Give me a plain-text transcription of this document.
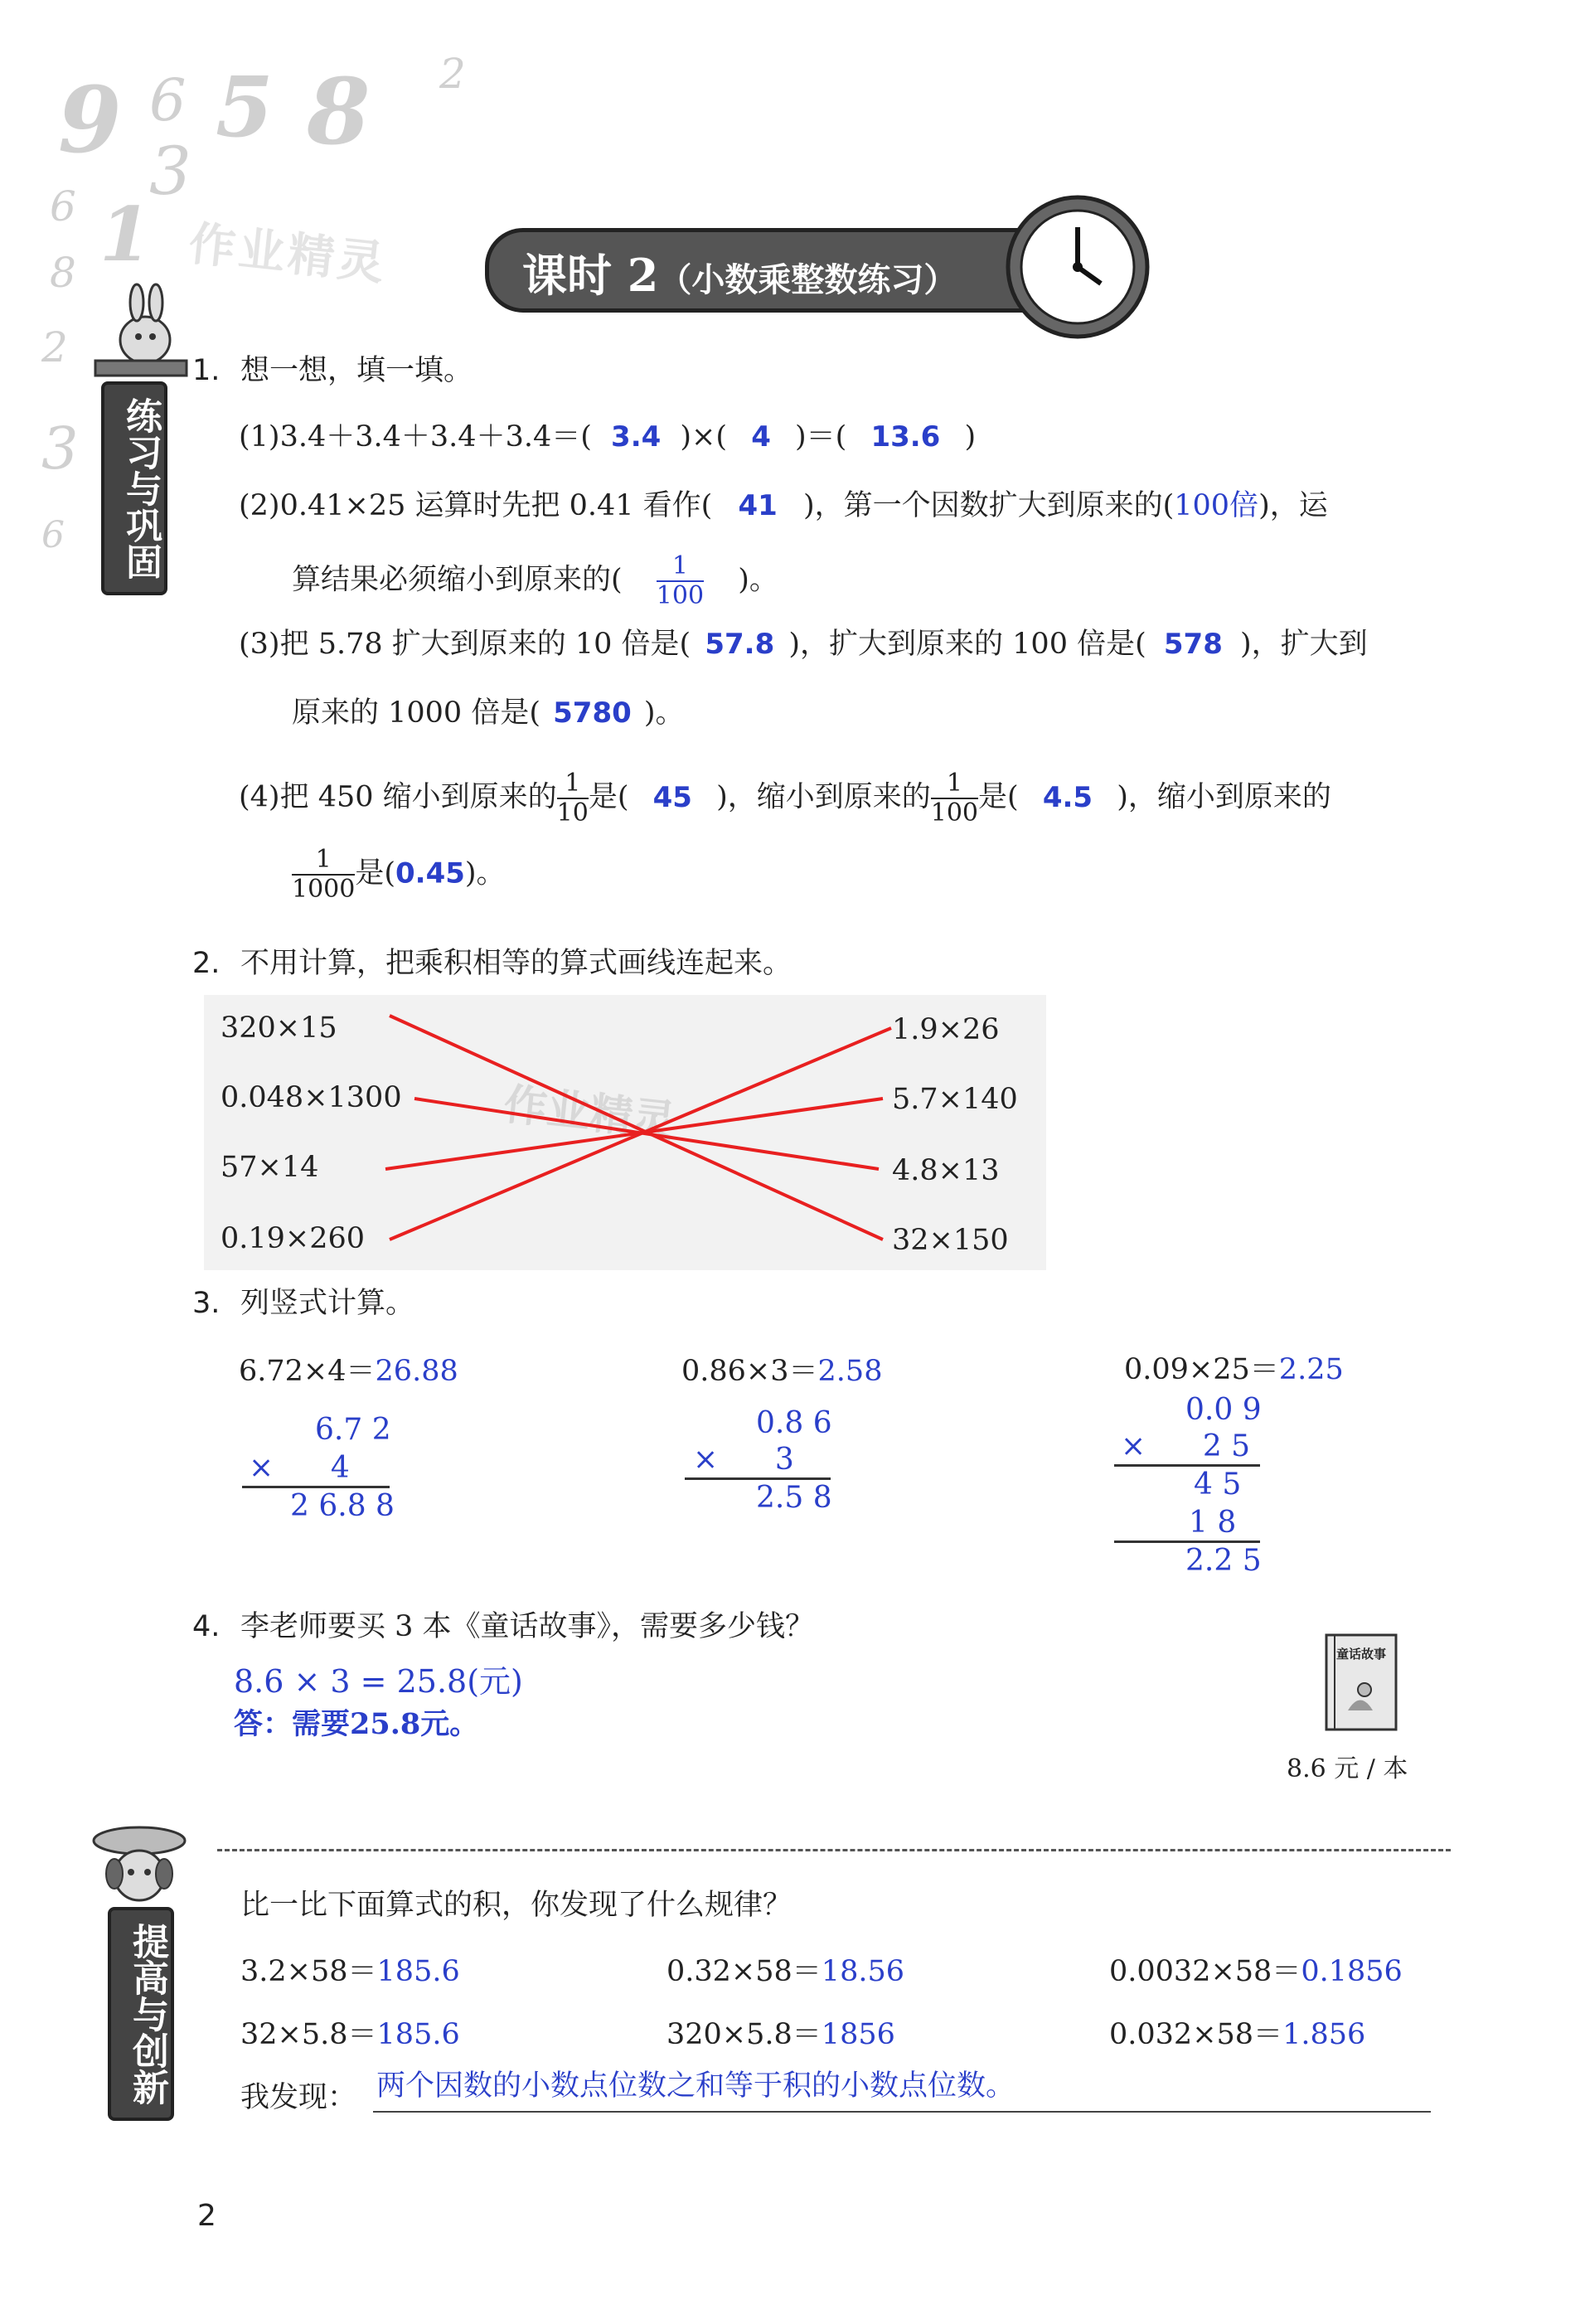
9 6 5 8 2
3
1
6
8
2
3
6
作业精灵	课时 2（小数乘整数练习）
练习与巩固
1. 想一想，填一填。
(1)3.4＋3.4＋3.4＋3.4＝( 3.4 )×( 4 )＝( 13.6 )
(2)0.41×25 运算时先把 0.41 看作( 41 )，第一个因数扩大到原来的(100倍)，运
算结果必须缩小到原来的( $\frac{1}{100}$ )。
(3)把 5.78 扩大到原来的 10 倍是( 57.8 )，扩大到原来的 100 倍是( 578 )，扩大到
原来的 1000 倍是( 5780 )。
(4)把 450 缩小到原来的 $\frac{1}{10}$ 是( 45 )，缩小到原来的 $\frac{1}{100}$ 是( 4.5 )，缩小到原来的
$\frac{1}{1000}$ 是(0.45)。
2. 不用计算，把乘积相等的算式画线连起来。
320×15
0.048×1300
57×14
0.19×260
1.9×26
5.7×140
4.8×13
32×150
作业精灵
3. 列竖式计算。
6.72×4＝26.88
6.7 2
×      4
2 6.8 8
0.86×3＝2.58
0.8 6
×      3
2.5 8
0.09×25＝2.25
0.0 9
×      2 5
4 5
1 8
2.2 5
4. 李老师要买 3 本《童话故事》，需要多少钱？
8.6 × 3 = 25.8(元)
答：需要25.8元。
童话故事
8.6 元 / 本
提高与创新
比一比下面算式的积，你发现了什么规律？
3.2×58＝185.6	0.32×58＝18.56	0.0032×58＝0.1856
32×5.8＝185.6	320×5.8＝1856	0.032×58＝1.856
我发现： 两个因数的小数点位数之和等于积的小数点位数。
2
